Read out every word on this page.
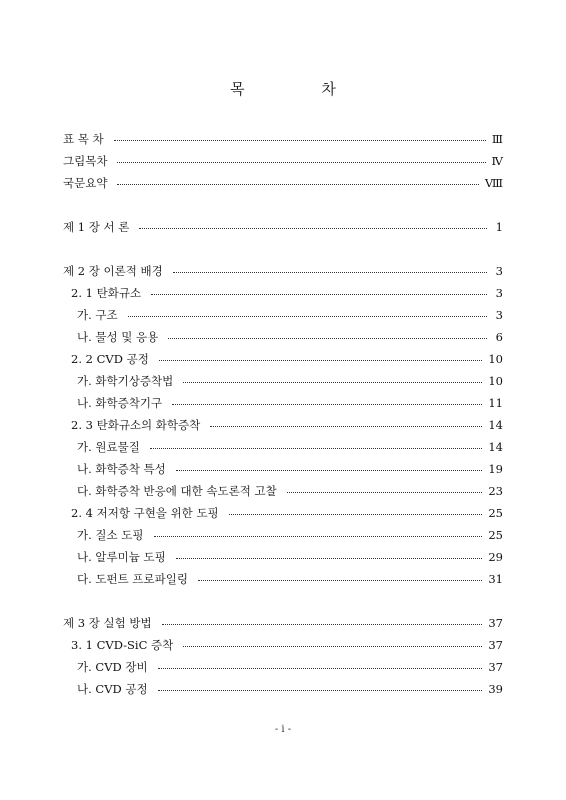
목 차
표 목 차	Ⅲ
그림목차	Ⅳ
국문요약	Ⅷ
제 1 장 서 론	1
제 2 장 이론적 배경	3
2. 1 탄화규소	3
가. 구조	3
나. 물성 및 응용	6
2. 2 CVD 공정	10
가. 화학기상증착법	10
나. 화학증착기구	11
2. 3 탄화규소의 화학증착	14
가. 원료물질	14
나. 화학증착 특성	19
다. 화학증착 반응에 대한 속도론적 고찰	23
2. 4 저저항 구현을 위한 도핑	25
가. 질소 도핑	25
나. 알루미늄 도핑	29
다. 도펀트 프로파일링	31
제 3 장 실험 방법	37
3. 1 CVD-SiC 증착	37
가. CVD 장비	37
나. CVD 공정	39
- ⅰ -
